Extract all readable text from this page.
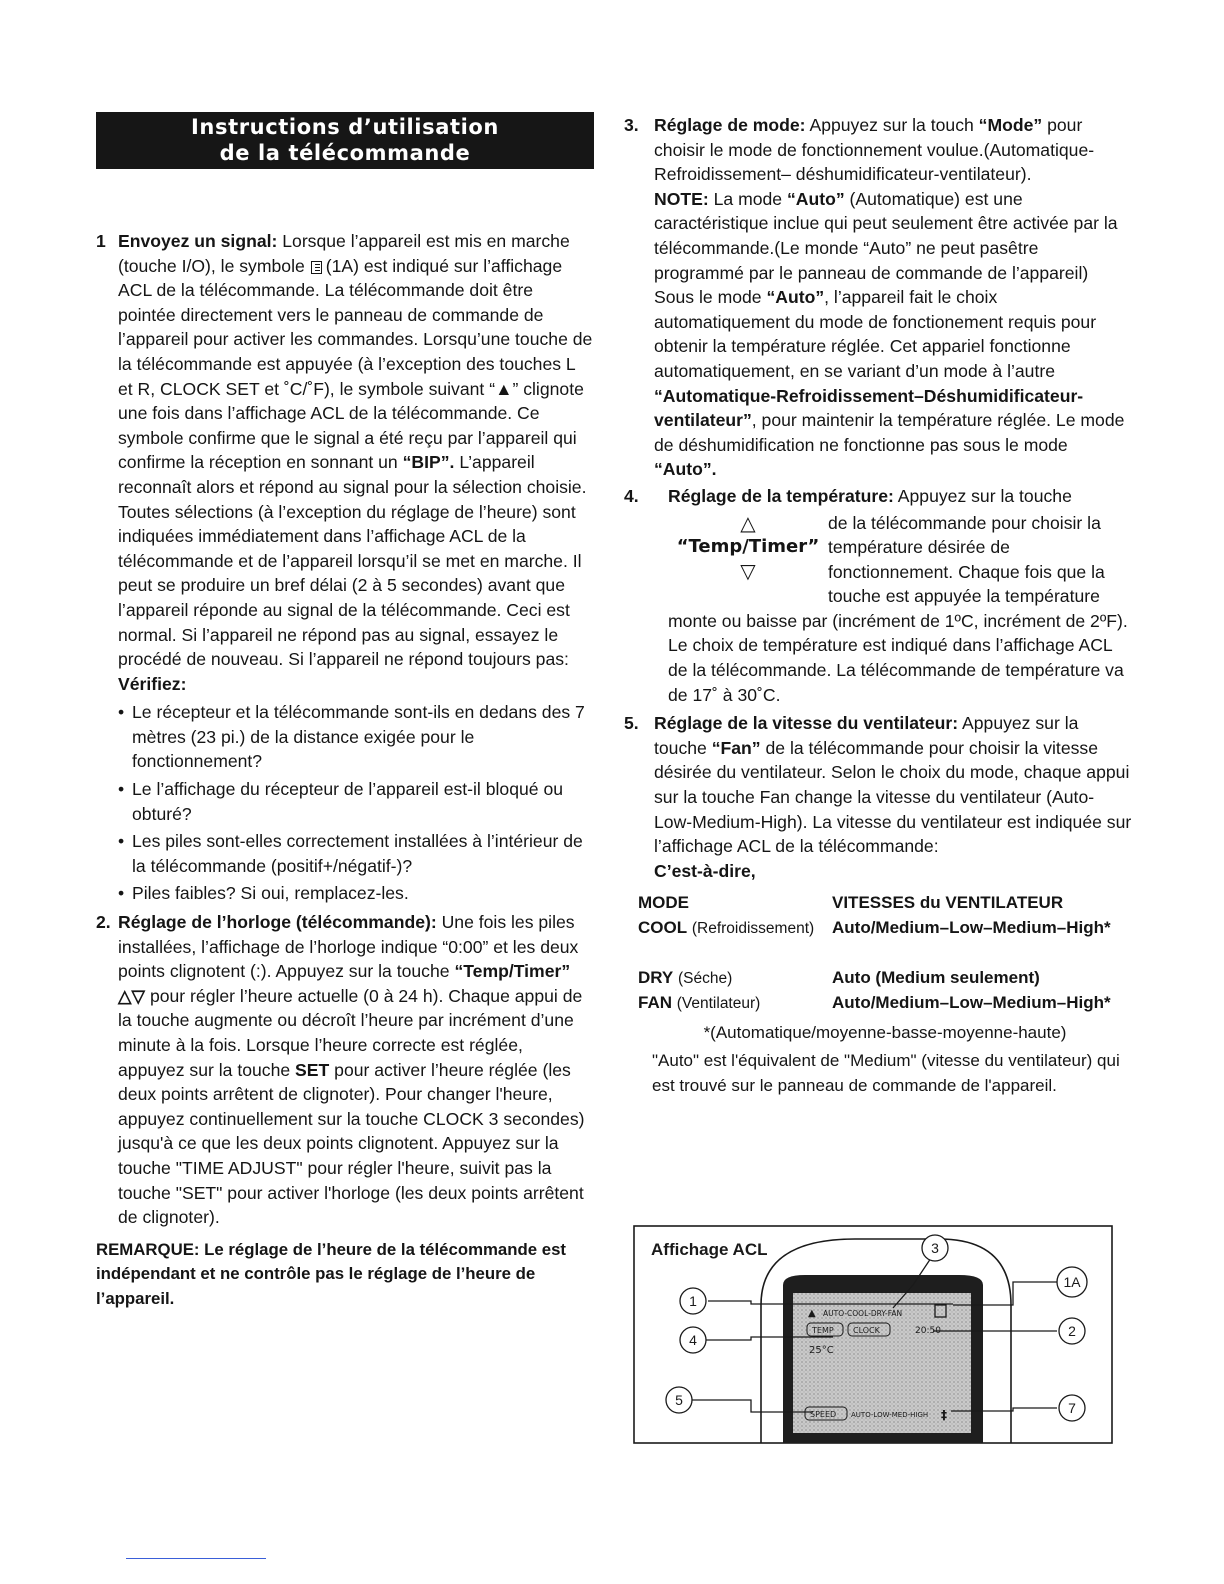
Instructions d’utilisation
de la télécommande
1 Envoyez un signal: Lorsque l’appareil est mis en marche (touche I/O), le symbole (1A) est indiqué sur l’affichage ACL de la télécommande. La télécommande doit être pointée directement vers le panneau de commande de l’appareil pour activer les commandes. Lorsqu’une touche de la télécommande est appuyée (à l’exception des touches L et R, CLOCK SET et ˚C/˚F), le symbole suivant “▲” clignote une fois dans l’affichage ACL de la télécommande. Ce symbole confirme que le signal a été reçu par l’appareil qui confirme la réception en sonnant un “BIP”. L’appareil reconnaît alors et répond au signal pour la sélection choisie. Toutes sélections (à l’exception du réglage de l’heure) sont indiquées immédiatement dans l’affichage ACL de la télécommande et de l’appareil lorsqu’il se met en marche. Il peut se produire un bref délai (2 à 5 secondes) avant que l’appareil réponde au signal de la télécommande. Ceci est normal. Si l’appareil ne répond pas au signal, essayez le procédé de nouveau. Si l’appareil ne répond toujours pas:

Vérifiez:

• Le récepteur et la télécommande sont-ils en dedans des 7 mètres (23 pi.) de la distance exigée pour le fonctionnement?
• Le l’affichage du récepteur de l’appareil est-il bloqué ou obturé?
• Les piles sont-elles correctement installées à l’intérieur de la télécommande (positif+/négatif-)?
• Piles faibles? Si oui, remplacez-les.
2. Réglage de l’horloge (télécommande): Une fois les piles installées, l’affichage de l’horloge indique “0:00” et les deux points clignotent (:). Appuyez sur la touche “Temp/Timer” △▽ pour régler l’heure actuelle (0 à 24 h). Chaque appui de la touche augmente ou décroît l’heure par incrément d’une minute à la fois. Lorsque l’heure correcte est réglée, appuyez sur la touche SET pour activer l’heure réglée (les deux points arrêtent de clignoter). Pour changer l'heure, appuyez continuellement sur la touche CLOCK 3 secondes) jusqu'à ce que les deux points clignotent. Appuyez sur la touche "TIME ADJUST" pour régler l'heure, suivit pas la touche "SET" pour activer l'horloge (les deux points arrêtent de clignoter).

REMARQUE: Le réglage de l’heure de la télécommande est indépendant et ne contrôle pas le réglage de l’heure de l’appareil.

3. Réglage de mode: Appuyez sur la touch “Mode” pour choisir le mode de fonctionnement voulue.(Automatique-Refroidissement– déshumidificateur-ventilateur).

NOTE: La mode “Auto” (Automatique) est une caractéristique inclue qui peut seulement être activée par la télécommande.(Le monde “Auto” ne peut pasêtre programmé par le panneau de commande de l’appareil) Sous le mode “Auto”, l’appareil fait le choix automatiquement du mode de fonctionement requis pour obtenir la température réglée. Cet appariel fonctionne automatiquement, en se variant d’un mode à l’autre “Automatique-Refroidissement–Déshumidificateur-ventilateur”, pour maintenir la température réglée. Le mode de déshumidification ne fonctionne pas sous le mode “Auto”.

4. Réglage de la température: Appuyez sur la touche

△
“Temp/Timer”
▽
de la télécommande pour choisir la température désirée de fonctionnement. Chaque fois que la touche est appuyée la température

monte ou baisse par (incrément de 1ºC, incrément de 2ºF). Le choix de température est indiqué dans l’affichage ACL de la télécommande. La télécommande de température va de 17˚ à 30˚C.

5. Réglage de la vitesse du ventilateur: Appuyez sur la touche “Fan” de la télécommande pour choisir la vitesse désirée du ventilateur. Selon le choix du mode, chaque appui sur la touche Fan change la vitesse du ventilateur (Auto-Low-Medium-High). La vitesse du ventilateur est indiquée sur l’affichage ACL de la télécommande:

C’est-à-dire,

MODE	VITESSES du VENTILATEUR
COOL (Refroidissement)	Auto/Medium–Low–Medium–High*
DRY (Séche)	Auto (Medium seulement)
FAN (Ventilateur)	Auto/Medium–Low–Medium–High*
*(Automatique/moyenne-basse-moyenne-haute)

"Auto" est l'équivalent de "Medium" (vitesse du ventilateur) qui est trouvé sur le panneau de commande de l'appareil.

▲ AUTO-COOL-DRY-FAN
TEMP CLOCK	20:50
25°C
SPEED AUTO-LOW-MED-HIGH ‡
Affichage ACL
1
4
5
3
1A
2
7
